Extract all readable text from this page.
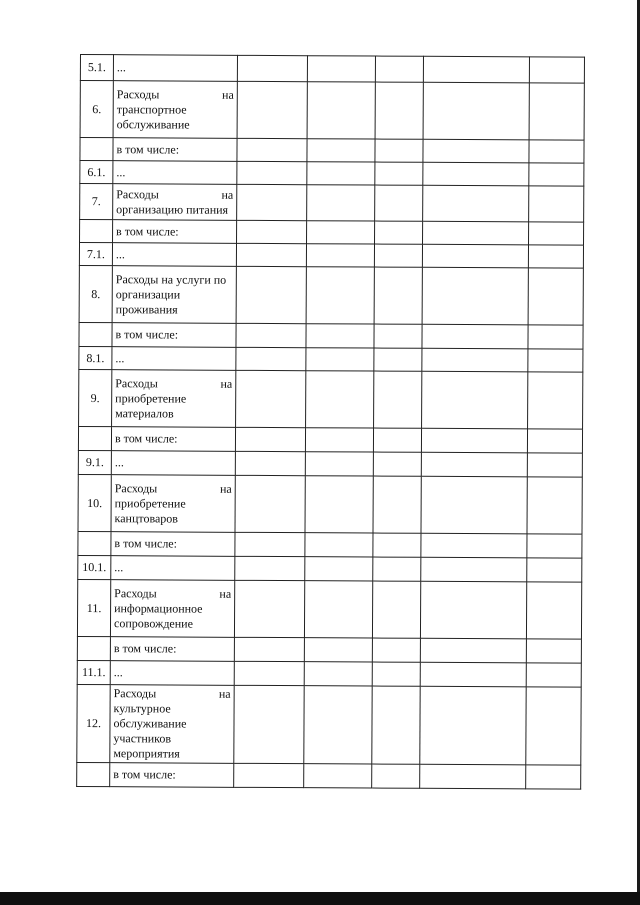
5.1.	...					

6.	Расходы на
транспортное
обслуживание					

	в том числе:					

6.1.	...					

7.	Расходы на
организацию питания					

	в том числе:					

7.1.	...					

8.	Расходы на услуги по
организации
проживания					

	в том числе:					

8.1.	...					

9.	Расходы на
приобретение
материалов					

	в том числе:					

9.1.	...					

10.	Расходы на
приобретение
канцтоваров					

	в том числе:					

10.1.	...					

11.	Расходы на
информационное
сопровождение					

	в том числе:					

11.1.	...					

12.	Расходы на
культурное
обслуживание
участников
мероприятия					

	в том числе:					
